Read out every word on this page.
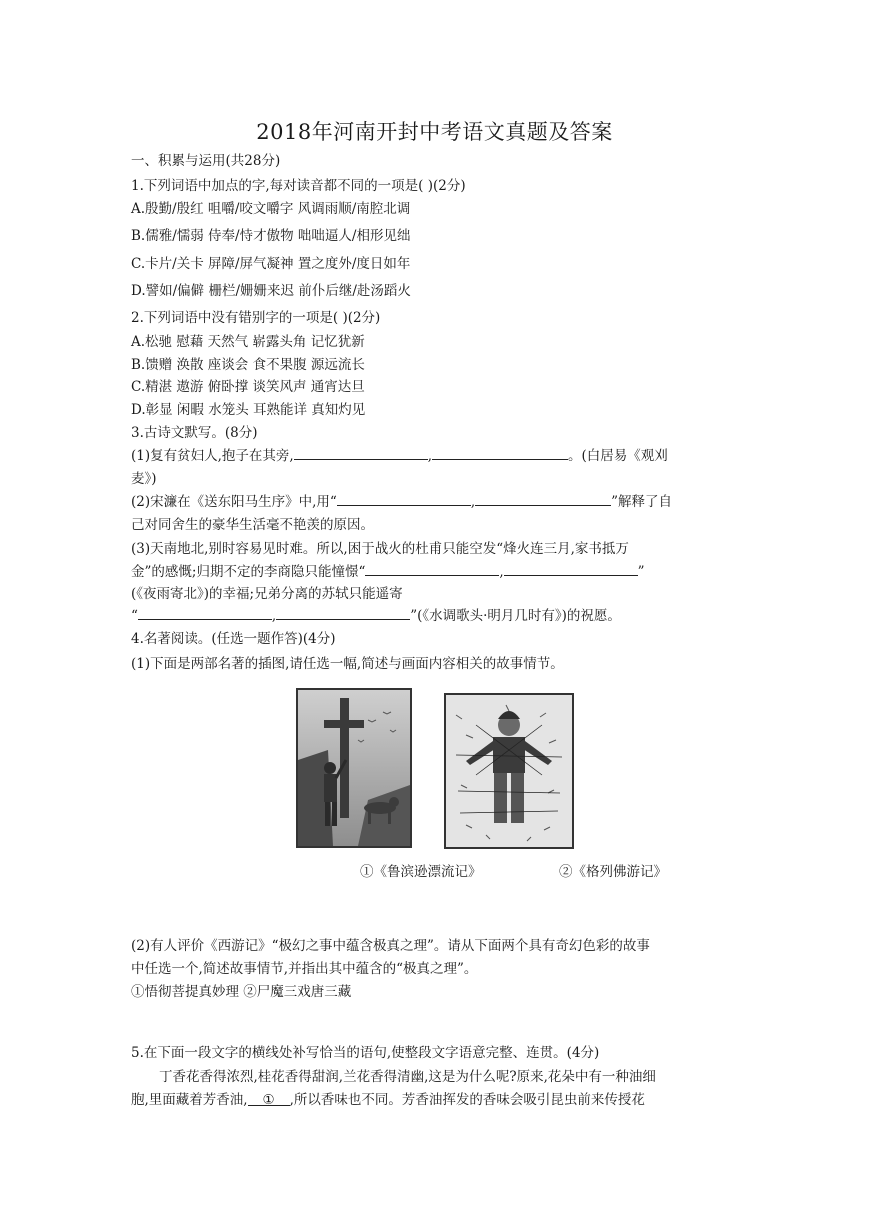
2018年河南开封中考语文真题及答案
一、积累与运用(共28分)
1.下列词语中加点的字,每对读音都不同的一项是( )(2分)
A.殷勤/殷红 咀嚼/咬文嚼字 风调雨顺/南腔北调
B.儒雅/懦弱 侍奉/恃才傲物 咄咄逼人/相形见绌
C.卡片/关卡 屏障/屏气凝神 置之度外/度日如年
D.譬如/偏僻 栅栏/姗姗来迟 前仆后继/赴汤蹈火
2.下列词语中没有错别字的一项是( )(2分)
A.松驰 慰藉 天然气 崭露头角 记忆犹新
B.馈赠 涣散 座谈会 食不果腹 源远流长
C.精湛 遨游 俯卧撑 谈笑风声 通宵达旦
D.彰显 闲暇 水笼头 耳熟能详 真知灼见
3.古诗文默写。(8分)
(1)复有贫妇人,抱子在其旁,	,	。(白居易《观刈
麦》)
(2)宋濂在《送东阳马生序》中,用“	,	”解释了自
己对同舍生的豪华生活毫不艳羡的原因。
(3)天南地北,别时容易见时难。所以,困于战火的杜甫只能空发“烽火连三月,家书抵万
金”的感慨;归期不定的李商隐只能憧憬“	,	”
(《夜雨寄北》)的幸福;兄弟分离的苏轼只能遥寄
“	,	”(《水调歌头·明月几时有》)的祝愿。
4.名著阅读。(任选一题作答)(4分)
(1)下面是两部名著的插图,请任选一幅,简述与画面内容相关的故事情节。
①《鲁滨逊漂流记》	②《格列佛游记》
(2)有人评价《西游记》“极幻之事中蕴含极真之理”。请从下面两个具有奇幻色彩的故事
中任选一个,简述故事情节,并指出其中蕴含的“极真之理”。
①悟彻菩提真妙理 ②尸魔三戏唐三藏
5.在下面一段文字的横线处补写恰当的语句,使整段文字语意完整、连贯。(4分)
丁香花香得浓烈,桂花香得甜润,兰花香得清幽,这是为什么呢?原来,花朵中有一种油细
胞,里面藏着芳香油, ① ,所以香味也不同。芳香油挥发的香味会吸引昆虫前来传授花
